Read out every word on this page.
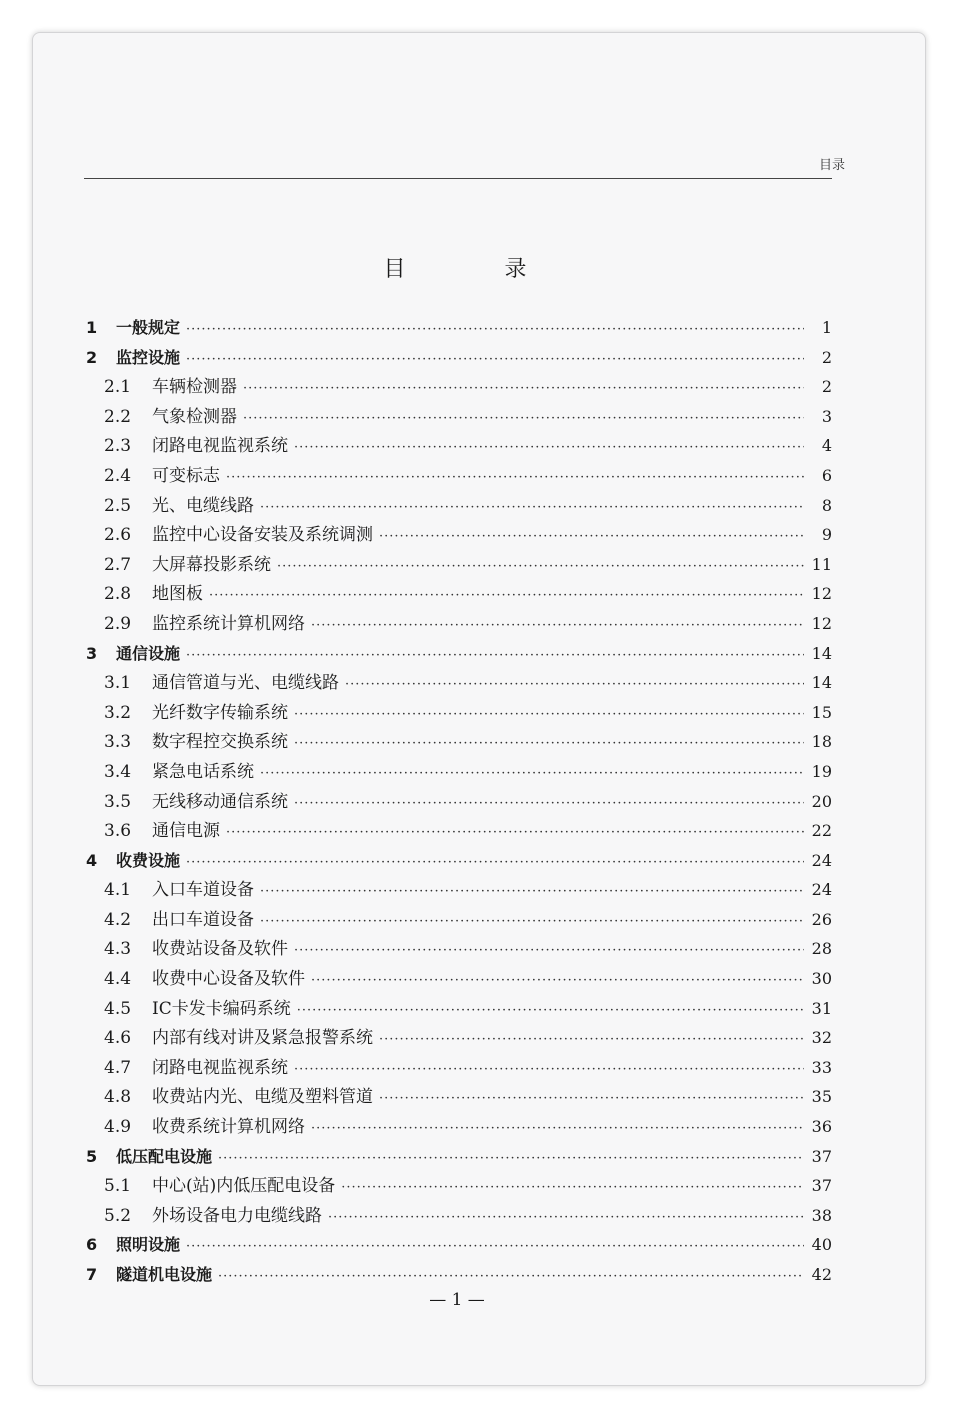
目录
目 录
1	一般规定 ·····	1
2	监控设施 ·····	2
2.1	车辆检测器 ·····	2
2.2	气象检测器 ·····	3
2.3	闭路电视监视系统 ·····	4
2.4	可变标志 ·····	6
2.5	光、电缆线路 ·····	8
2.6	监控中心设备安装及系统调测 ·····	9
2.7	大屏幕投影系统 ·····	11
2.8	地图板 ·····	12
2.9	监控系统计算机网络 ·····	12
3	通信设施 ·····	14
3.1	通信管道与光、电缆线路 ·····	14
3.2	光纤数字传输系统 ·····	15
3.3	数字程控交换系统 ·····	18
3.4	紧急电话系统 ·····	19
3.5	无线移动通信系统 ·····	20
3.6	通信电源 ·····	22
4	收费设施 ·····	24
4.1	入口车道设备 ·····	24
4.2	出口车道设备 ·····	26
4.3	收费站设备及软件 ·····	28
4.4	收费中心设备及软件 ·····	30
4.5	IC卡发卡编码系统 ·····	31
4.6	内部有线对讲及紧急报警系统 ·····	32
4.7	闭路电视监视系统 ·····	33
4.8	收费站内光、电缆及塑料管道 ·····	35
4.9	收费系统计算机网络 ·····	36
5	低压配电设施 ·····	37
5.1	中心(站)内低压配电设备 ·····	37
5.2	外场设备电力电缆线路 ·····	38
6	照明设施 ·····	40
7	隧道机电设施 ·····	42
— 1 —
